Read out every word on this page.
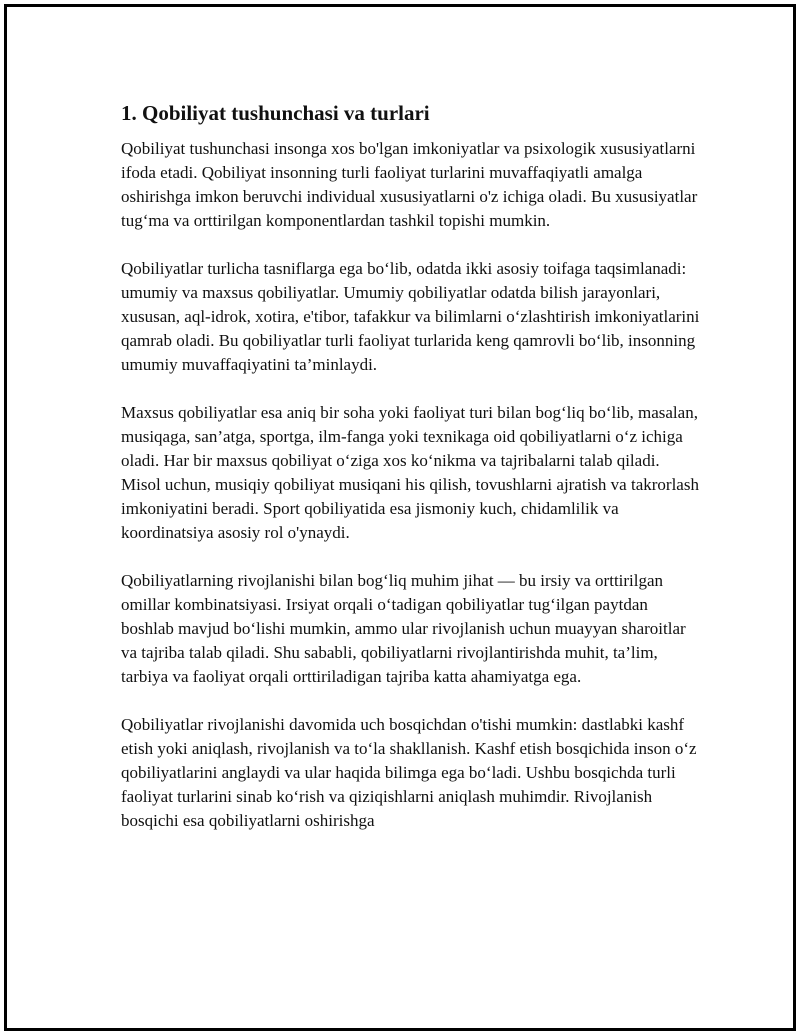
1. Qobiliyat tushunchasi va turlari

Qobiliyat tushunchasi insonga xos bo'lgan imkoniyatlar va psixologik xususiyatlarni ifoda etadi. Qobiliyat insonning turli faoliyat turlarini muvaffaqiyatli amalga oshirishga imkon beruvchi individual xususiyatlarni o'z ichiga oladi. Bu xususiyatlar tug‘ma va orttirilgan komponentlardan tashkil topishi mumkin.

Qobiliyatlar turlicha tasniflarga ega bo‘lib, odatda ikki asosiy toifaga taqsimlanadi: umumiy va maxsus qobiliyatlar. Umumiy qobiliyatlar odatda bilish jarayonlari, xususan, aql-idrok, xotira, e'tibor, tafakkur va bilimlarni o‘zlashtirish imkoniyatlarini qamrab oladi. Bu qobiliyatlar turli faoliyat turlarida keng qamrovli bo‘lib, insonning umumiy muvaffaqiyatini ta’minlaydi.

Maxsus qobiliyatlar esa aniq bir soha yoki faoliyat turi bilan bog‘liq bo‘lib, masalan, musiqaga, san’atga, sportga, ilm-fanga yoki texnikaga oid qobiliyatlarni o‘z ichiga oladi. Har bir maxsus qobiliyat o‘ziga xos ko‘nikma va tajribalarni talab qiladi. Misol uchun, musiqiy qobiliyat musiqani his qilish, tovushlarni ajratish va takrorlash imkoniyatini beradi. Sport qobiliyatida esa jismoniy kuch, chidamlilik va koordinatsiya asosiy rol o'ynaydi.

Qobiliyatlarning rivojlanishi bilan bog‘liq muhim jihat — bu irsiy va orttirilgan omillar kombinatsiyasi. Irsiyat orqali o‘tadigan qobiliyatlar tug‘ilgan paytdan boshlab mavjud bo‘lishi mumkin, ammo ular rivojlanish uchun muayyan sharoitlar va tajriba talab qiladi. Shu sababli, qobiliyatlarni rivojlantirishda muhit, ta’lim, tarbiya va faoliyat orqali orttiriladigan tajriba katta ahamiyatga ega.

Qobiliyatlar rivojlanishi davomida uch bosqichdan o'tishi mumkin: dastlabki kashf etish yoki aniqlash, rivojlanish va to‘la shakllanish. Kashf etish bosqichida inson o‘z qobiliyatlarini anglaydi va ular haqida bilimga ega bo‘ladi. Ushbu bosqichda turli faoliyat turlarini sinab ko‘rish va qiziqishlarni aniqlash muhimdir. Rivojlanish bosqichi esa qobiliyatlarni oshirishga
